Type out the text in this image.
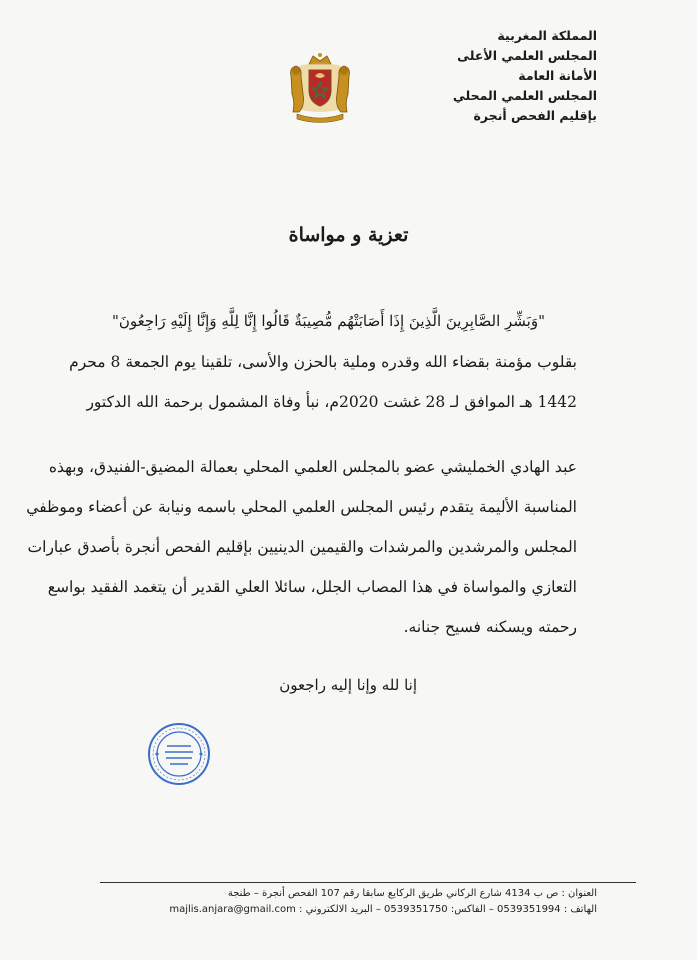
المملكة المغربية
المجلس العلمي الأعلى
الأمانة العامة
المجلس العلمي المحلي
بإقليم الفحص أنجرة
تعزية و مواساة
"وَبَشِّرِ الصَّابِرِينَ الَّذِينَ إِذَا أَصَابَتْهُم مُّصِيبَةٌ قَالُوا إِنَّا لِلَّهِ وَإِنَّا إِلَيْهِ رَاجِعُونَ"
بقلوب مؤمنة بقضاء الله وقدره وملية بالحزن والأسى، تلقينا يوم الجمعة 8 محرم
1442 هـ الموافق لـ 28 غشت 2020م، نبأ وفاة المشمول برحمة الله الدكتور
عبد الهادي الخمليشي عضو بالمجلس العلمي المحلي بعمالة المضيق-الفنيدق، وبهذه
المناسبة الأليمة يتقدم رئيس المجلس العلمي المحلي باسمه ونيابة عن أعضاء وموظفي
المجلس والمرشدين والمرشدات والقيمين الدينيين بإقليم الفحص أنجرة بأصدق عبارات
التعازي والمواساة في هذا المصاب الجلل، سائلا العلي القدير أن يتغمد الفقيد بواسع
رحمته ويسكنه فسيح جنانه.
إنا لله وإنا إليه راجعون
العنوان : ص ب 4134 شارع الركاني طريق الركايع سابقا رقم 107 الفحص أنجرة – طنجة
الهاتف : 0539351994 – الفاكس: 0539351750 – البريد الالكتروني : majlis.anjara@gmail.com
